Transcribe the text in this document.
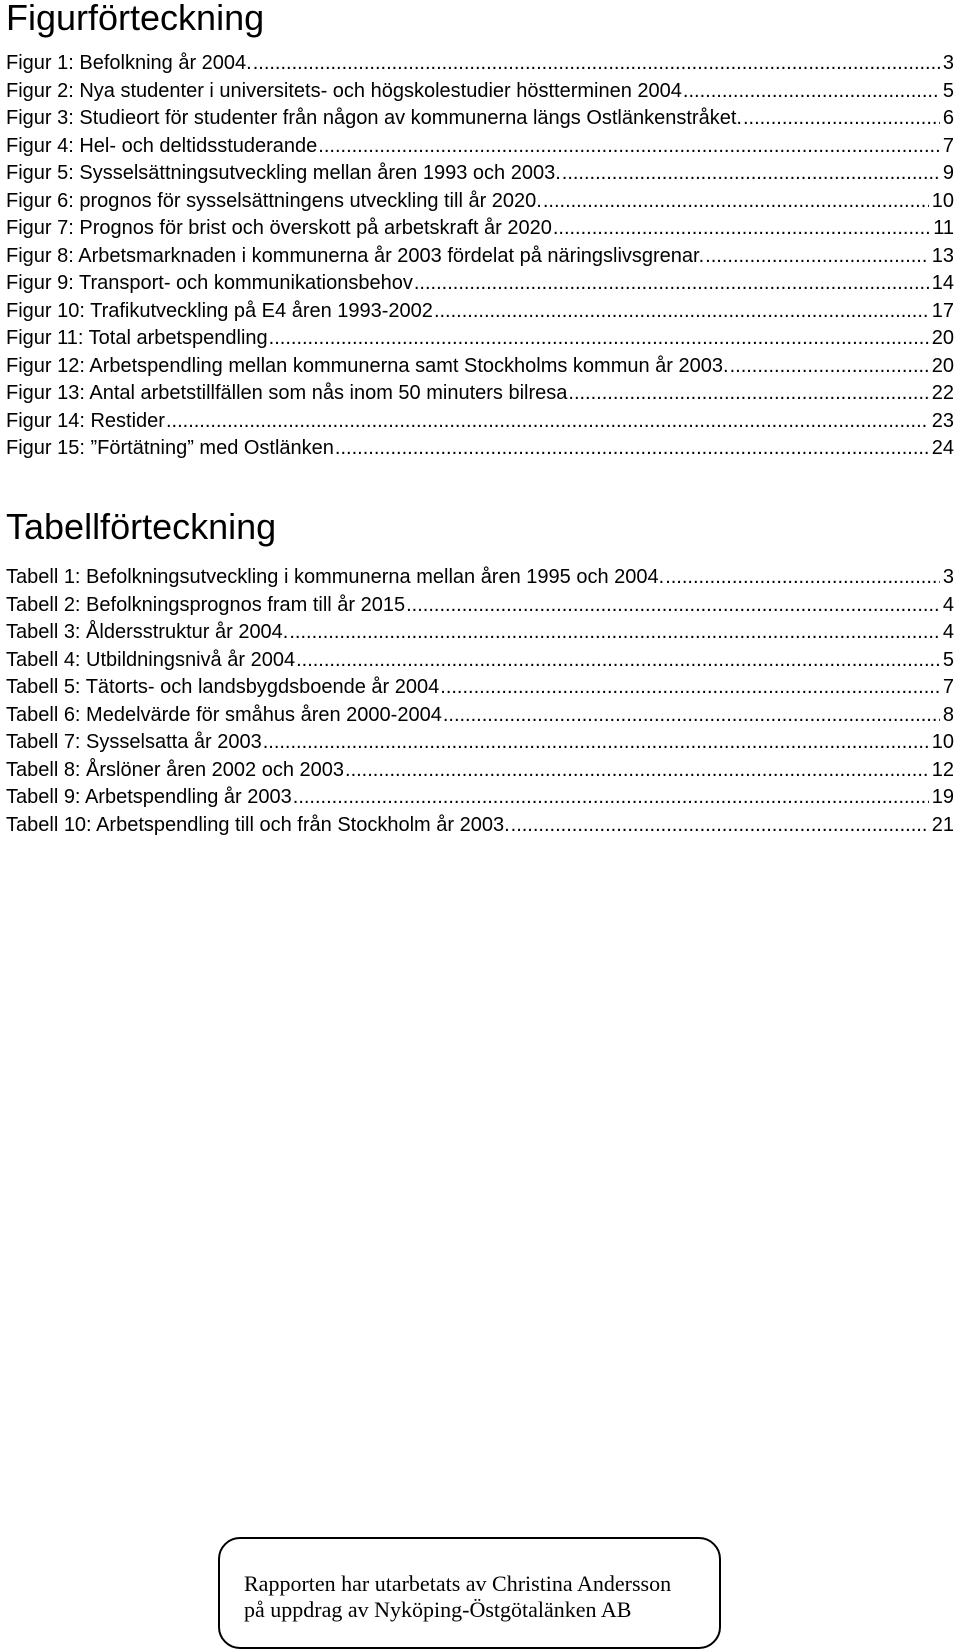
Figurförteckning
Figur 1: Befolkning år 2004. .....	3
Figur 2: Nya studenter i universitets- och högskolestudier höstterminen 2004 .....	5
Figur 3: Studieort för studenter från någon av kommunerna längs Ostlänkenstråket. .....	6
Figur 4: Hel- och deltidsstuderande .....	7
Figur 5: Sysselsättningsutveckling mellan åren 1993 och 2003. .....	9
Figur 6: prognos för sysselsättningens utveckling till år 2020. .....	10
Figur 7: Prognos för brist och överskott på arbetskraft år 2020 .....	11
Figur 8: Arbetsmarknaden i kommunerna år 2003 fördelat på näringslivsgrenar. .....	13
Figur 9: Transport- och kommunikationsbehov .....	14
Figur 10: Trafikutveckling på E4 åren 1993-2002 .....	17
Figur 11: Total arbetspendling .....	20
Figur 12: Arbetspendling mellan kommunerna samt Stockholms kommun år 2003. .....	20
Figur 13: Antal arbetstillfällen som nås inom 50 minuters bilresa .....	22
Figur 14: Restider .....	23
Figur 15: ”Förtätning” med Ostlänken .....	24
Tabellförteckning
Tabell 1: Befolkningsutveckling i kommunerna mellan åren 1995 och 2004. .....	3
Tabell 2: Befolkningsprognos fram till år 2015 .....	4
Tabell 3: Åldersstruktur år 2004. .....	4
Tabell 4: Utbildningsnivå år 2004 .....	5
Tabell 5: Tätorts- och landsbygdsboende år 2004 .....	7
Tabell 6: Medelvärde för småhus åren 2000-2004 .....	8
Tabell 7: Sysselsatta år 2003 .....	10
Tabell 8: Årslöner åren 2002 och 2003 .....	12
Tabell 9: Arbetspendling år 2003 .....	19
Tabell 10: Arbetspendling till och från Stockholm år 2003. .....	21
Rapporten har utarbetats av Christina Andersson
på uppdrag av Nyköping-Östgötalänken AB
